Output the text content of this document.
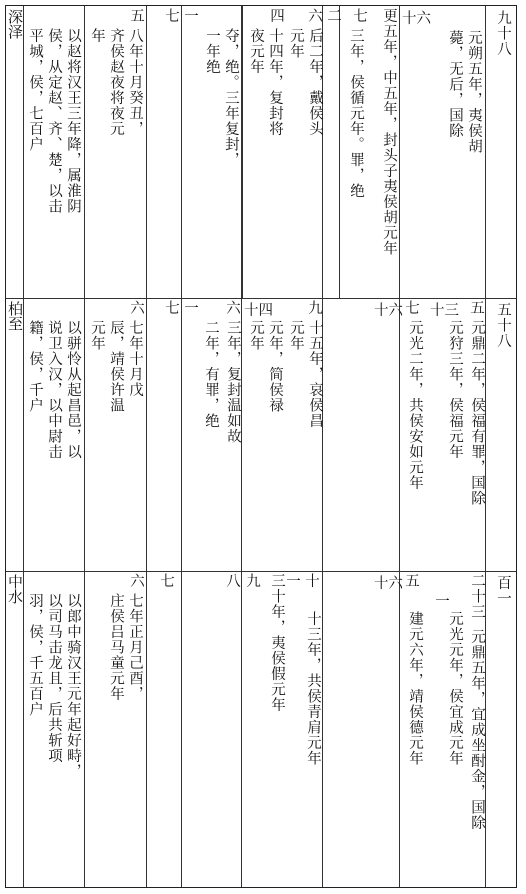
深泽
以赵将汉王三年降，属淮阴侯，从定赵、齐、楚，以击平城，侯，七百户
五
八年十月癸丑，齐侯赵夜将夜元年
七 一
夺，绝。三年复封，一年绝
四
十四年，复封将夜元年
六
后二年，戴侯头元年
二
三年，侯循元年。罪，绝
七 更五年，中五年，封头子夷侯胡元年 十六
元朔五年，夷侯胡薨，无后，国除	九十八
柏至
以骈怜从起昌邑，以说卫入汉，以中尉击籍，侯，千户
六
七年十月戊辰，靖侯许温元年
七 一
二年，有罪，绝
六
三年，复封温如故
十四
元年，简侯禄元年
九
十五年，哀侯昌元年
十六 七
元光二年，共侯安如元年
十三
元狩三年，侯福元年
五
元鼎二年，侯福有罪，国除 五十八
中水
以郎中骑汉王元年起好畤，以司马击龙且，后共斩项羽，侯，千五百户
六
七年正月己酉，庄侯吕马童元年
七	八 九 三十年，夷侯假元年 十一
十三年，共侯青肩元年
十六 五
建元六年，靖侯德元年
一
元光元年，侯宜成元年
二十三
元鼎五年，宜成坐酎金，国除
百一
